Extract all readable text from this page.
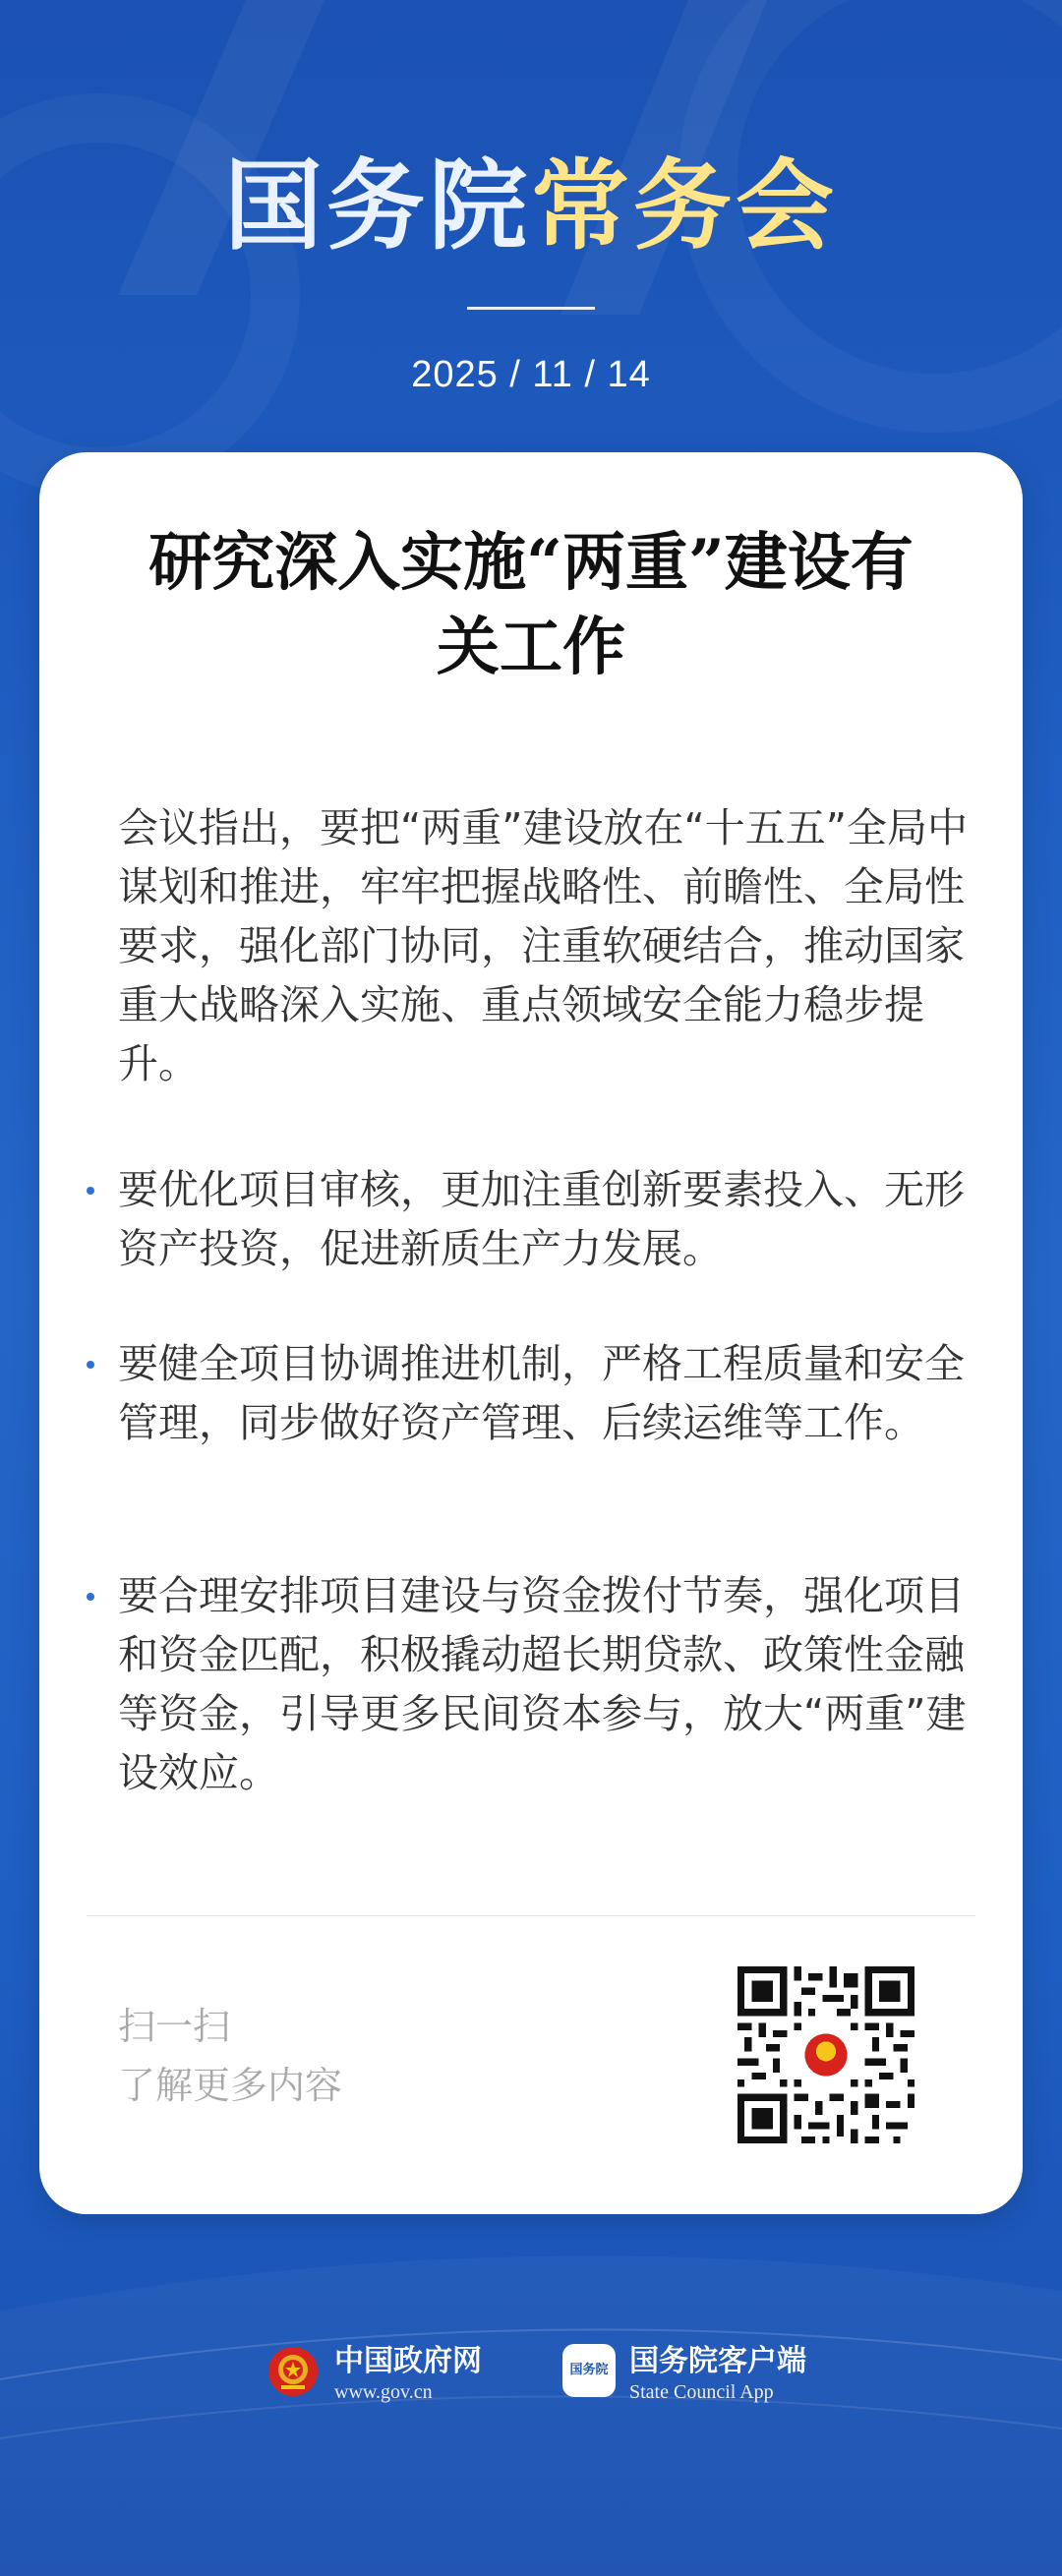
国务院常务会
2025 / 11 / 14
研究深入实施“两重”建设有关工作
会议指出，要把“两重”建设放在“十五五”全局中谋划和推进，牢牢把握战略性、前瞻性、全局性要求，强化部门协同，注重软硬结合，推动国家重大战略深入实施、重点领域安全能力稳步提升。
要优化项目审核，更加注重创新要素投入、无形资产投资，促进新质生产力发展。
要健全项目协调推进机制，严格工程质量和安全管理，同步做好资产管理、后续运维等工作。
要合理安排项目建设与资金拨付节奏，强化项目和资金匹配，积极撬动超长期贷款、政策性金融等资金，引导更多民间资本参与，放大“两重”建设效应。
扫一扫
了解更多内容
中国政府网
www.gov.cn
国务院 国务院客户端
State Council App
